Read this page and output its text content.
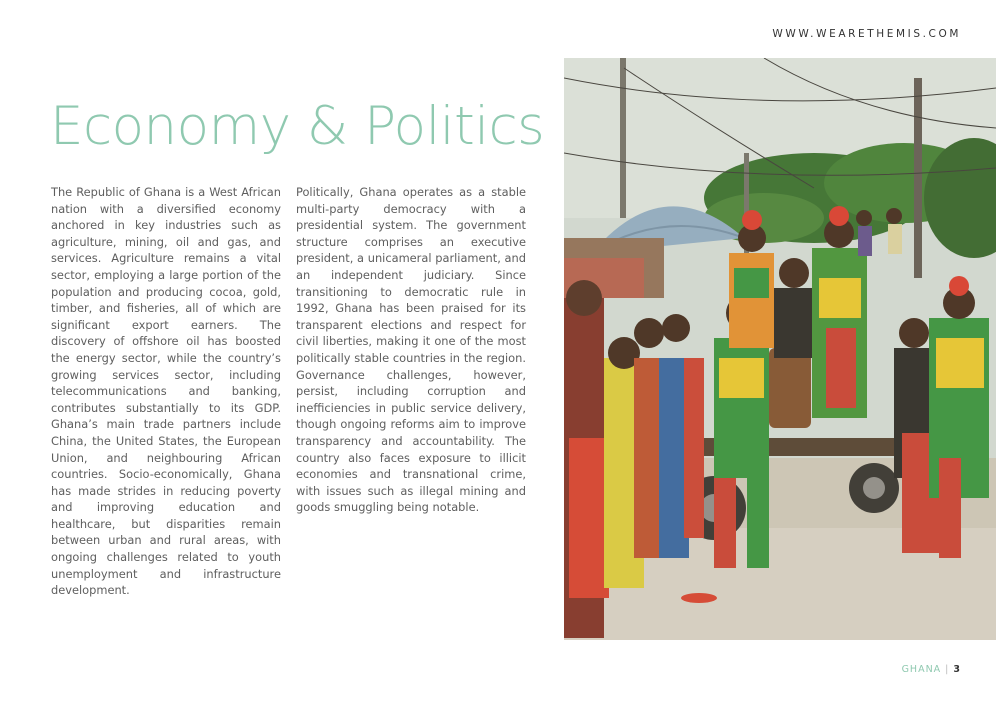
WWW.WEARETHEMIS.COM
Economy & Politics

The Republic of Ghana is a West African nation with a diversified economy anchored in key industries such as agriculture, mining, oil and gas, and services. Agriculture remains a vital sector, employing a large portion of the population and producing cocoa, gold, timber, and fisheries, all of which are significant export earners. The discovery of offshore oil has boosted the energy sector, while the country’s growing services sector, including telecommunications and banking, contributes substantially to its GDP. Ghana’s main trade partners include China, the United States, the European Union, and neighbouring African countries. Socio-economically, Ghana has made strides in reducing poverty and improving education and healthcare, but disparities remain between urban and rural areas, with ongoing challenges related to youth unemployment and infrastructure development.

Politically, Ghana operates as a stable multi-party democracy with a presidential system. The government structure comprises an executive president, a unicameral parliament, and an independent judiciary. Since transitioning to democratic rule in 1992, Ghana has been praised for its transparent elections and respect for civil liberties, making it one of the most politically stable countries in the region. Governance challenges, however, persist, including corruption and inefficiencies in public service delivery, though ongoing reforms aim to improve transparency and accountability. The country also faces exposure to illicit economies and transnational crime, with issues such as illegal mining and goods smuggling being notable.

GHANA | 3
